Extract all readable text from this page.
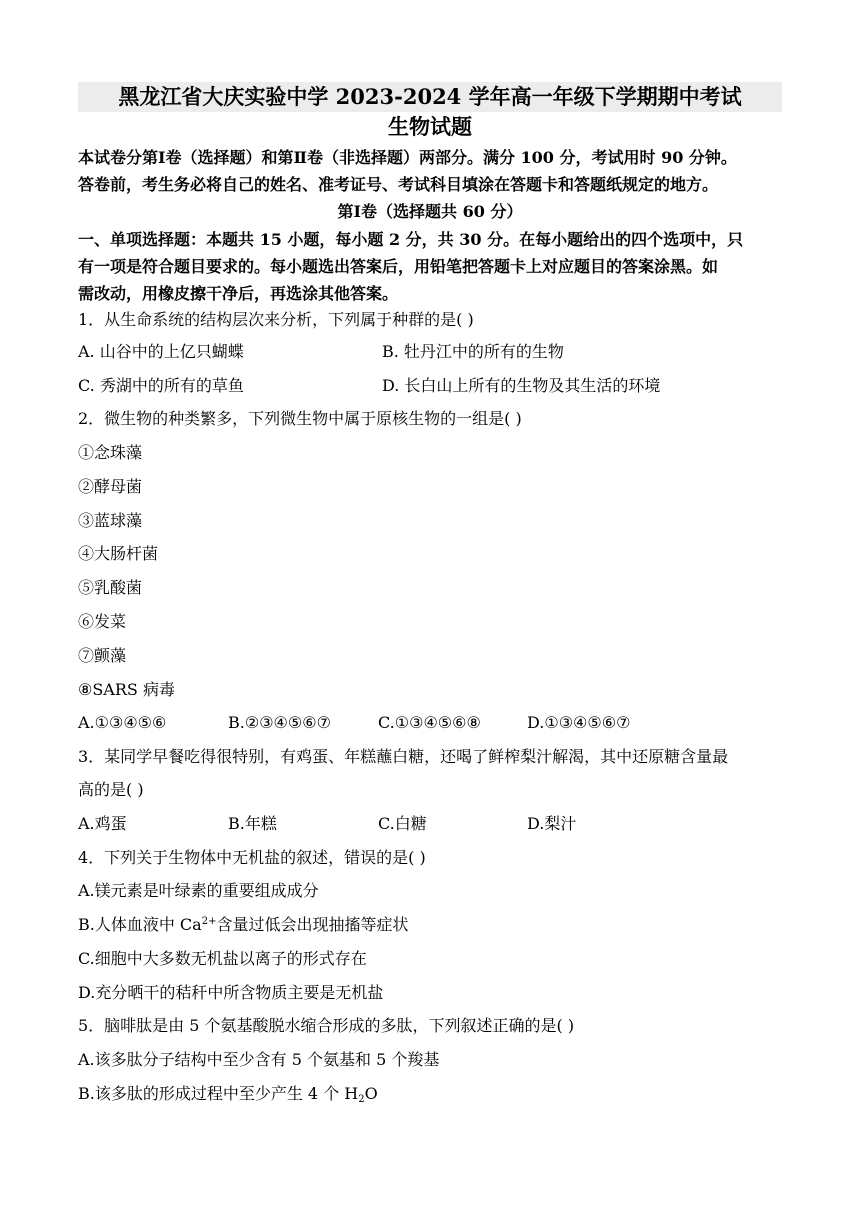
黑龙江省大庆实验中学 2023-2024 学年高一年级下学期期中考试
生物试题
本试卷分第Ⅰ卷（选择题）和第Ⅱ卷（非选择题）两部分。满分 100 分，考试用时 90 分钟。
答卷前，考生务必将自己的姓名、准考证号、考试科目填涂在答题卡和答题纸规定的地方。
第Ⅰ卷（选择题共 60 分）
一、单项选择题：本题共 15 小题，每小题 2 分，共 30 分。在每小题给出的四个选项中，只
有一项是符合题目要求的。每小题选出答案后，用铅笔把答题卡上对应题目的答案涂黑。如
需改动，用橡皮擦干净后，再选涂其他答案。
1．从生命系统的结构层次来分析，下列属于种群的是( )
A. 山谷中的上亿只蝴蝶	B. 牡丹江中的所有的生物
C. 秀湖中的所有的草鱼	D. 长白山上所有的生物及其生活的环境
2．微生物的种类繁多，下列微生物中属于原核生物的一组是( )
①念珠藻
②酵母菌
③蓝球藻
④大肠杆菌
⑤乳酸菌
⑥发菜
⑦颤藻
⑧SARS 病毒
A.①③④⑤⑥	B.②③④⑤⑥⑦	C.①③④⑤⑥⑧	D.①③④⑤⑥⑦
3．某同学早餐吃得很特别，有鸡蛋、年糕蘸白糖，还喝了鲜榨梨汁解渴，其中还原糖含量最
高的是( )
A.鸡蛋	B.年糕	C.白糖	D.梨汁
4．下列关于生物体中无机盐的叙述，错误的是( )
A.镁元素是叶绿素的重要组成成分
B.人体血液中 $Ca^{2+}$含量过低会出现抽搐等症状
C.细胞中大多数无机盐以离子的形式存在
D.充分晒干的秸秆中所含物质主要是无机盐
5．脑啡肽是由 5 个氨基酸脱水缩合形成的多肽，下列叙述正确的是( )
A.该多肽分子结构中至少含有 5 个氨基和 5 个羧基
B.该多肽的形成过程中至少产生 4 个 $H_2O$
